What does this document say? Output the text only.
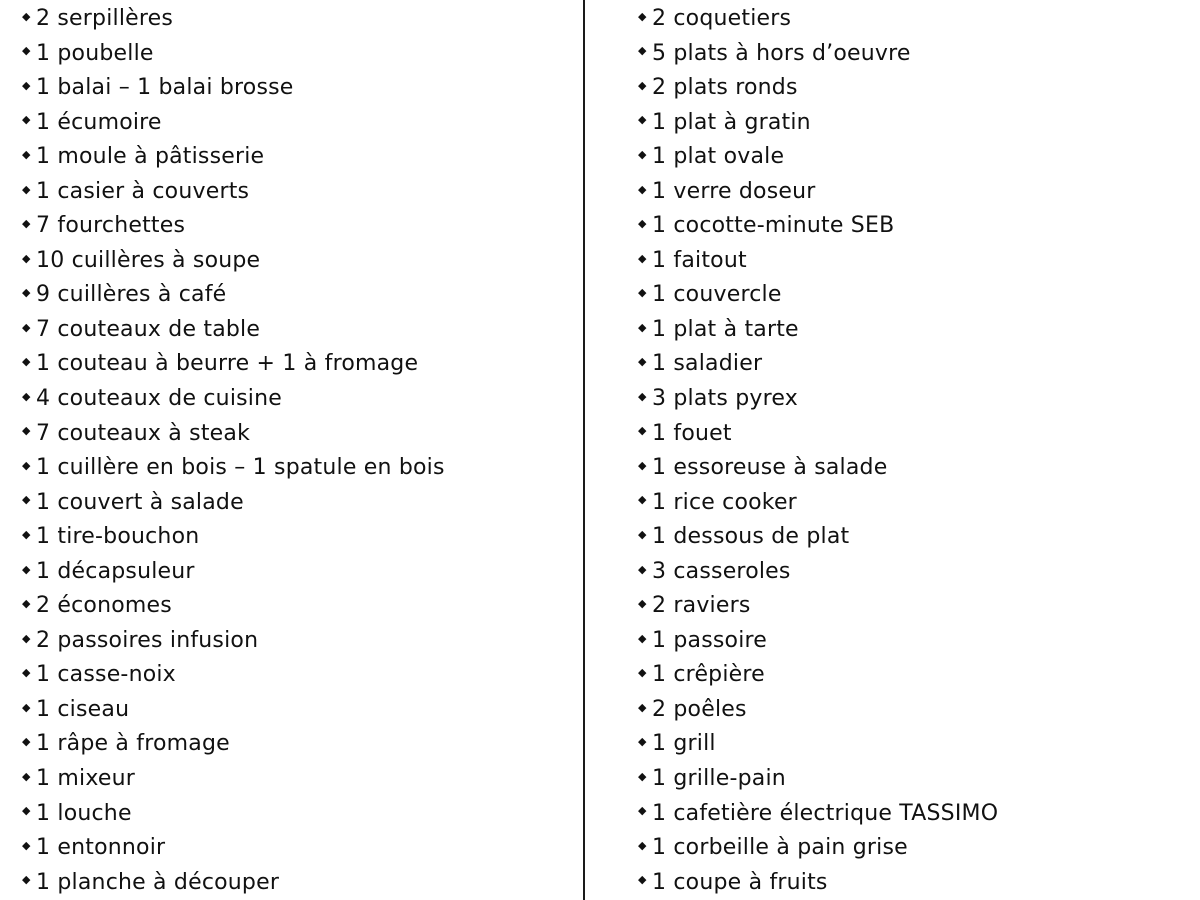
◆ 2 serpillères
◆ 1 poubelle
◆ 1 balai – 1 balai brosse
◆ 1 écumoire
◆ 1 moule à pâtisserie
◆ 1 casier à couverts
◆ 7 fourchettes
◆ 10 cuillères à soupe
◆ 9 cuillères à café
◆ 7 couteaux de table
◆ 1 couteau à beurre + 1 à fromage
◆ 4 couteaux de cuisine
◆ 7 couteaux à steak
◆ 1 cuillère en bois – 1 spatule en bois
◆ 1 couvert à salade
◆ 1 tire-bouchon
◆ 1 décapsuleur
◆ 2 économes
◆ 2 passoires infusion
◆ 1 casse-noix
◆ 1 ciseau
◆ 1 râpe à fromage
◆ 1 mixeur
◆ 1 louche
◆ 1 entonnoir
◆ 1 planche à découper
◆ 2 coquetiers
◆ 5 plats à hors d’oeuvre
◆ 2 plats ronds
◆ 1 plat à gratin
◆ 1 plat ovale
◆ 1 verre doseur
◆ 1 cocotte-minute SEB
◆ 1 faitout
◆ 1 couvercle
◆ 1 plat à tarte
◆ 1 saladier
◆ 3 plats pyrex
◆ 1 fouet
◆ 1 essoreuse à salade
◆ 1 rice cooker
◆ 1 dessous de plat
◆ 3 casseroles
◆ 2 raviers
◆ 1 passoire
◆ 1 crêpière
◆ 2 poêles
◆ 1 grill
◆ 1 grille-pain
◆ 1 cafetière électrique TASSIMO
◆ 1 corbeille à pain grise
◆ 1 coupe à fruits
